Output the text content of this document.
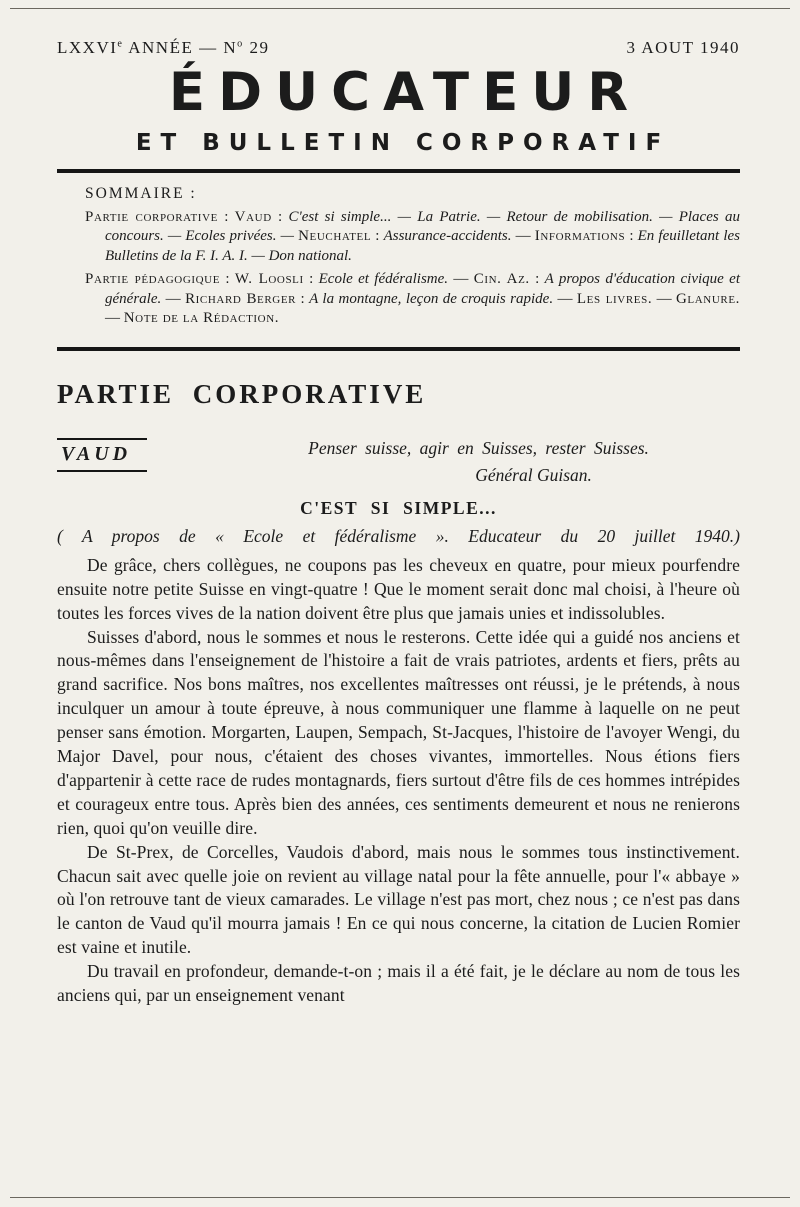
LXXVIe ANNÉE — $N^o$ 29	3 AOUT 1940
ÉDUCATEUR
ET BULLETIN CORPORATIF
SOMMAIRE :

Partie corporative : Vaud : C'est si simple... — La Patrie. — Retour de mobilisation. — Places au concours. — Ecoles privées. — Neuchatel : Assurance-accidents. — Informations : En feuilletant les Bulletins de la F. I. A. I. — Don national.

Partie pédagogique : W. Loosli : Ecole et fédéralisme. — Cin. Az. : A propos d'éducation civique et générale. — Richard Berger : A la montagne, leçon de croquis rapide. — Les livres. — Glanure. — Note de la Rédaction.

PARTIE CORPORATIVE
VAUD	Penser suisse, agir en Suisses, rester Suisses.
Général Guisan.
C'EST SI SIMPLE...

( A propos de « Ecole et fédéralisme ». Educateur du 20 juillet 1940.)

De grâce, chers collègues, ne coupons pas les cheveux en quatre, pour mieux pourfendre ensuite notre petite Suisse en vingt-quatre ! Que le moment serait donc mal choisi, à l'heure où toutes les forces vives de la nation doivent être plus que jamais unies et indissolubles.

Suisses d'abord, nous le sommes et nous le resterons. Cette idée qui a guidé nos anciens et nous-mêmes dans l'enseignement de l'histoire a fait de vrais patriotes, ardents et fiers, prêts au grand sacrifice. Nos bons maîtres, nos excellentes maîtresses ont réussi, je le prétends, à nous inculquer un amour à toute épreuve, à nous communiquer une flamme à laquelle on ne peut penser sans émotion. Morgarten, Laupen, Sempach, St-Jacques, l'histoire de l'avoyer Wengi, du Major Davel, pour nous, c'étaient des choses vivantes, immortelles. Nous étions fiers d'appartenir à cette race de rudes montagnards, fiers surtout d'être fils de ces hommes intrépides et courageux entre tous. Après bien des années, ces sentiments demeurent et nous ne renierons rien, quoi qu'on veuille dire.

De St-Prex, de Corcelles, Vaudois d'abord, mais nous le sommes tous instinctivement. Chacun sait avec quelle joie on revient au village natal pour la fête annuelle, pour l'« abbaye » où l'on retrouve tant de vieux camarades. Le village n'est pas mort, chez nous ; ce n'est pas dans le canton de Vaud qu'il mourra jamais ! En ce qui nous concerne, la citation de Lucien Romier est vaine et inutile.

Du travail en profondeur, demande-t-on ; mais il a été fait, je le déclare au nom de tous les anciens qui, par un enseignement venant
